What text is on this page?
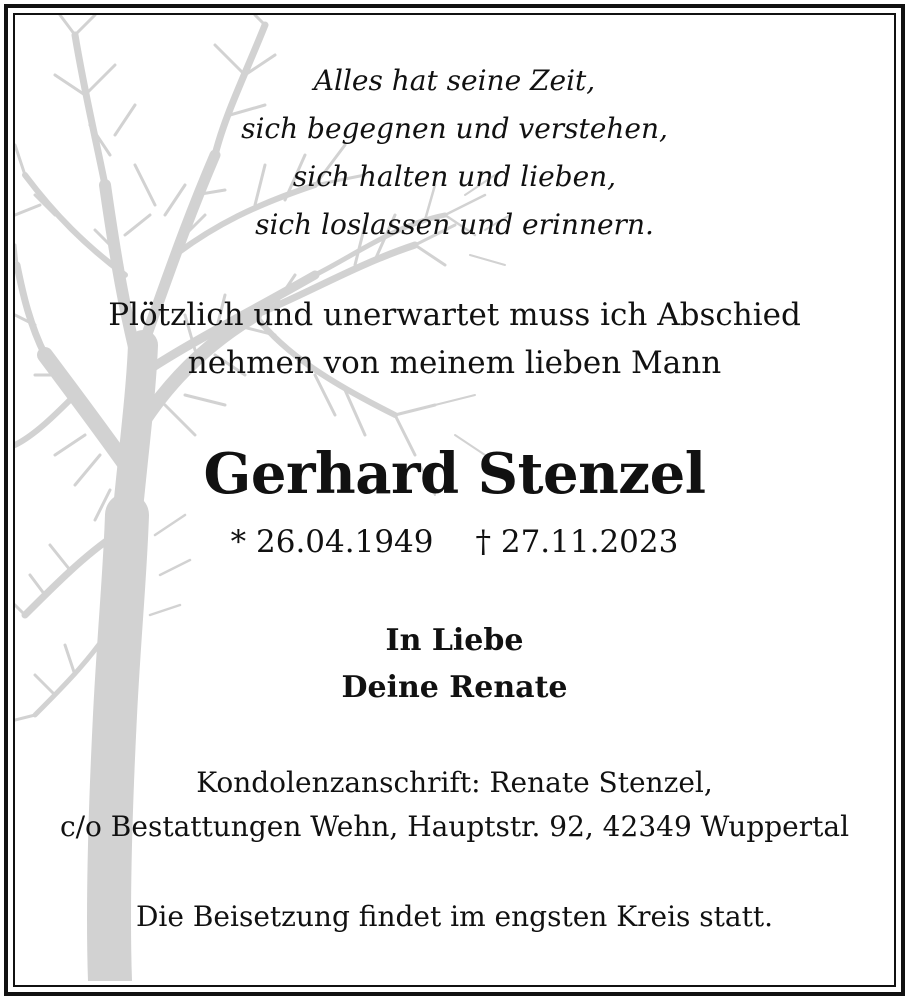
Alles hat seine Zeit,
sich begegnen und verstehen,
sich halten und lieben,
sich loslassen und erinnern.
Plötzlich und unerwartet muss ich Abschied
nehmen von meinem lieben Mann
Gerhard Stenzel
* 26.04.1949 † 27.11.2023
In Liebe
Deine Renate
Kondolenzanschrift: Renate Stenzel,
c/o Bestattungen Wehn, Hauptstr. 92, 42349 Wuppertal
Die Beisetzung findet im engsten Kreis statt.
